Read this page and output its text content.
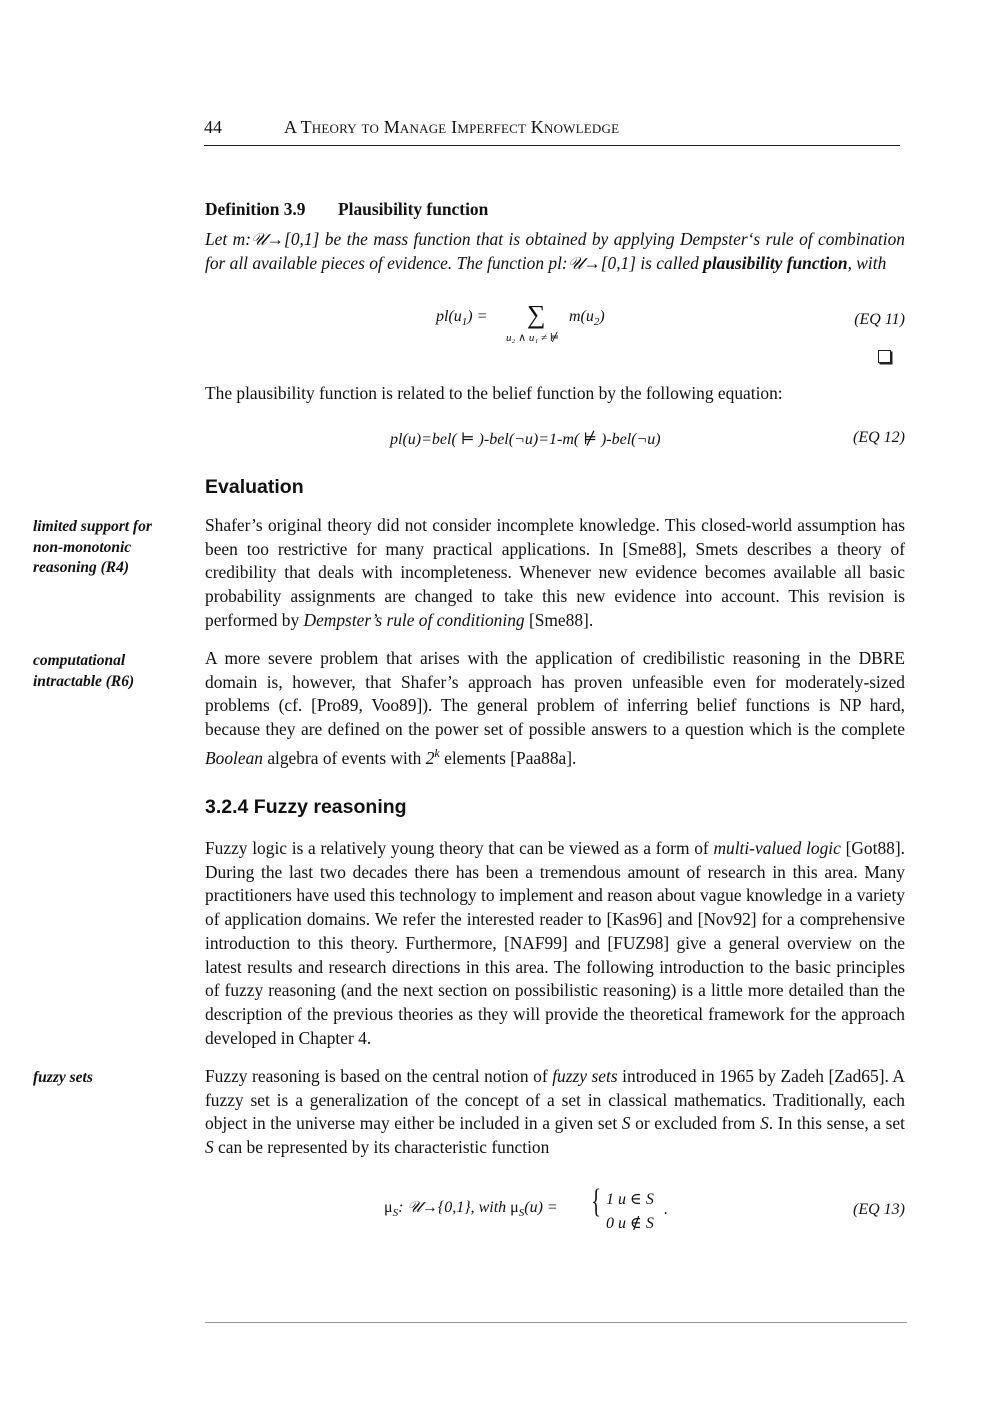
44	A Theory to Manage Imperfect Knowledge
Definition 3.9 Plausibility function
Let m:𝒰→[0,1] be the mass function that is obtained by applying Dempster‘s rule of combination for all available pieces of evidence. The function pl:𝒰→[0,1] is called plausibility function, with
$pl(u_1)$ = ∑
u₂ ∧ u₁ ≠ ⊭
$m(u_2)$	(EQ 11)
The plausibility function is related to the belief function by the following equation:
pl(u)=bel( ⊨ )-bel(¬u)=1-m( ⊭ )-bel(¬u)	(EQ 12)
Evaluation
limited support for non-monotonic reasoning (R4)
Shafer’s original theory did not consider incomplete knowledge. This closed-world assumption has been too restrictive for many practical applications. In [Sme88], Smets describes a theory of credibility that deals with incompleteness. Whenever new evidence becomes available all basic probability assignments are changed to take this new evidence into account. This revision is performed by Dempster’s rule of conditioning [Sme88].
computational intractable (R6)
A more severe problem that arises with the application of credibilistic reasoning in the DBRE domain is, however, that Shafer’s approach has proven unfeasible even for moderately-sized problems (cf. [Pro89, Voo89]). The general problem of inferring belief functions is NP hard, because they are defined on the power set of possible answers to a question which is the complete Boolean algebra of events with 2$^k$ elements [Paa88a].
3.2.4 Fuzzy reasoning
Fuzzy logic is a relatively young theory that can be viewed as a form of multi-valued logic [Got88]. During the last two decades there has been a tremendous amount of research in this area. Many practitioners have used this technology to implement and reason about vague knowledge in a variety of application domains. We refer the interested reader to [Kas96] and [Nov92] for a comprehensive introduction to this theory. Furthermore, [NAF99] and [FUZ98] give a general overview on the latest results and research directions in this area. The following introduction to the basic principles of fuzzy reasoning (and the next section on possibilistic reasoning) is a little more detailed than the description of the previous theories as they will provide the theoretical framework for the approach developed in Chapter 4.
fuzzy sets	Fuzzy reasoning is based on the central notion of fuzzy sets introduced in 1965 by Zadeh [Zad65]. A fuzzy set is a generalization of the concept of a set in classical mathematics. Traditionally, each object in the universe may either be included in a given set S or excluded from S. In this sense, a set S can be represented by its characteristic function
$\mu_S$: 𝒰→{0,1}, with $\mu_S(u)$ = { 1 u ∈ S
0 u ∉ S
.	(EQ 13)
